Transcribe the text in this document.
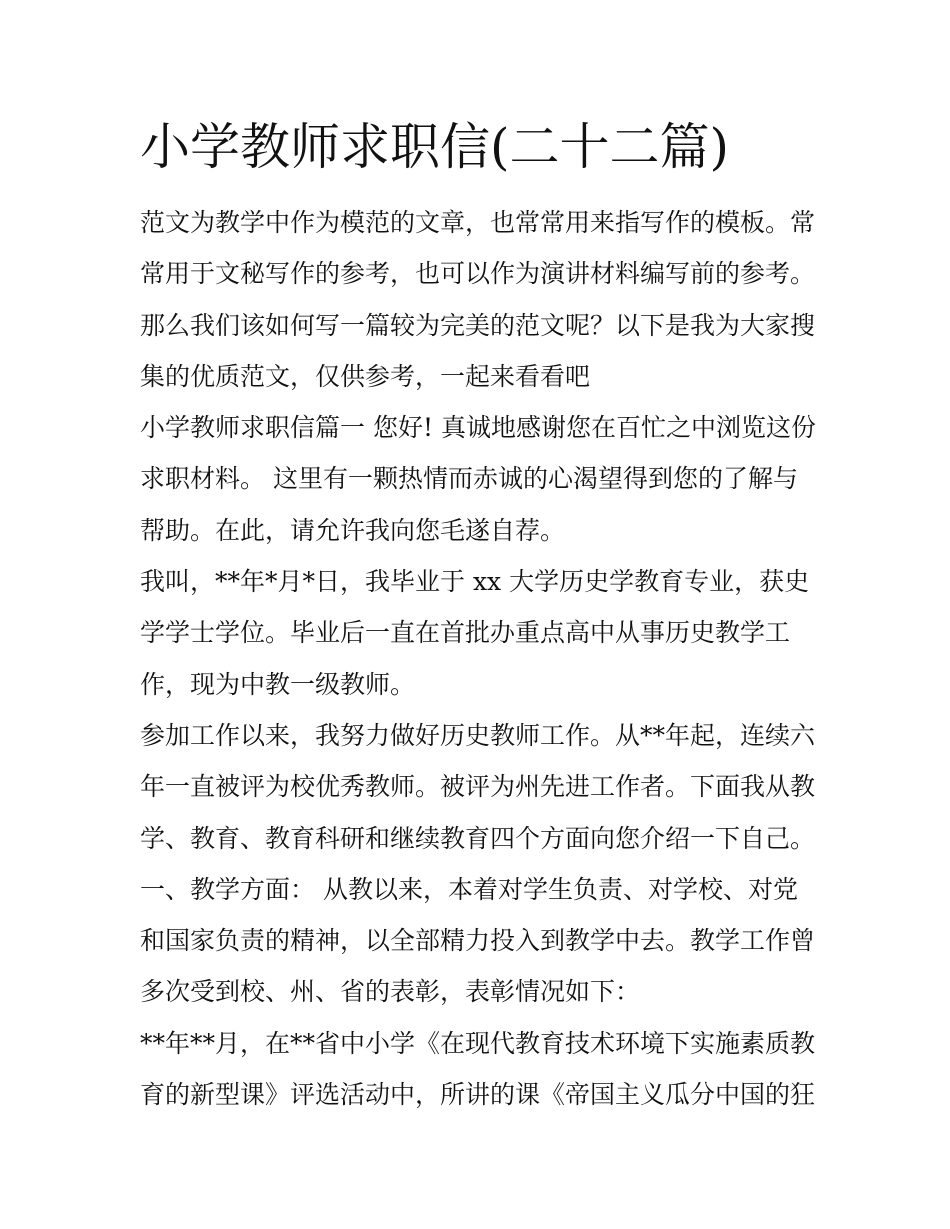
小学教师求职信(二十二篇)
范文为教学中作为模范的文章，也常常用来指写作的模板。常
常用于文秘写作的参考，也可以作为演讲材料编写前的参考。
那么我们该如何写一篇较为完美的范文呢？以下是我为大家搜
集的优质范文，仅供参考，一起来看看吧
小学教师求职信篇一 您好! 真诚地感谢您在百忙之中浏览这份
求职材料。 这里有一颗热情而赤诚的心渴望得到您的了解与
帮助。在此，请允许我向您毛遂自荐。
我叫，**年*月*日，我毕业于 xx 大学历史学教育专业，获史
学学士学位。毕业后一直在首批办重点高中从事历史教学工
作，现为中教一级教师。
参加工作以来，我努力做好历史教师工作。从**年起，连续六
年一直被评为校优秀教师。被评为州先进工作者。下面我从教
学、教育、教育科研和继续教育四个方面向您介绍一下自己。
一、教学方面： 从教以来，本着对学生负责、对学校、对党
和国家负责的精神，以全部精力投入到教学中去。教学工作曾
多次受到校、州、省的表彰，表彰情况如下：
**年**月，在**省中小学《在现代教育技术环境下实施素质教
育的新型课》评选活动中，所讲的课《帝国主义瓜分中国的狂
